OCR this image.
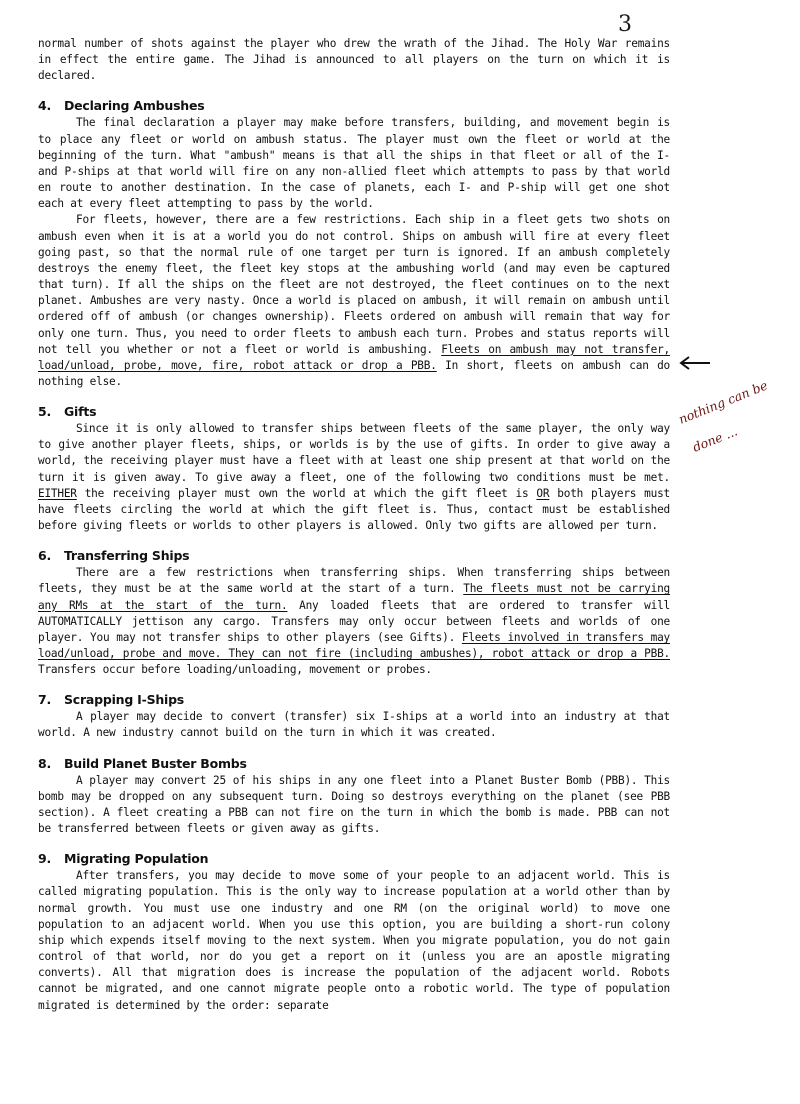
3

normal number of shots against the player who drew the wrath of the Jihad. The Holy War remains in effect the entire game. The Jihad is announced to all players on the turn on which it is declared.

4. Declaring Ambushes

The final declaration a player may make before transfers, building, and movement begin is to place any fleet or world on ambush status. The player must own the fleet or world at the beginning of the turn. What "ambush" means is that all the ships in that fleet or all of the I- and P-ships at that world will fire on any non-allied fleet which attempts to pass by that world en route to another destination. In the case of planets, each I- and P-ship will get one shot each at every fleet attempting to pass by the world.

For fleets, however, there are a few restrictions. Each ship in a fleet gets two shots on ambush even when it is at a world you do not control. Ships on ambush will fire at every fleet going past, so that the normal rule of one target per turn is ignored. If an ambush completely destroys the enemy fleet, the fleet key stops at the ambushing world (and may even be captured that turn). If all the ships on the fleet are not destroyed, the fleet continues on to the next planet. Ambushes are very nasty. Once a world is placed on ambush, it will remain on ambush until ordered off of ambush (or changes ownership). Fleets ordered on ambush will remain that way for only one turn. Thus, you need to order fleets to ambush each turn. Probes and status reports will not tell you whether or not a fleet or world is ambushing. Fleets on ambush may not transfer, load/unload, probe, move, fire, robot attack or drop a PBB. In short, fleets on ambush can do nothing else.

5. Gifts

Since it is only allowed to transfer ships between fleets of the same player, the only way to give another player fleets, ships, or worlds is by the use of gifts. In order to give away a world, the receiving player must have a fleet with at least one ship present at that world on the turn it is given away. To give away a fleet, one of the following two conditions must be met. EITHER the receiving player must own the world at which the gift fleet is OR both players must have fleets circling the world at which the gift fleet is. Thus, contact must be established before giving fleets or worlds to other players is allowed. Only two gifts are allowed per turn.

6. Transferring Ships

There are a few restrictions when transferring ships. When transferring ships between fleets, they must be at the same world at the start of a turn. The fleets must not be carrying any RMs at the start of the turn. Any loaded fleets that are ordered to transfer will AUTOMATICALLY jettison any cargo. Transfers may only occur between fleets and worlds of one player. You may not transfer ships to other players (see Gifts). Fleets involved in transfers may load/unload, probe and move. They can not fire (including ambushes), robot attack or drop a PBB. Transfers occur before loading/unloading, movement or probes.

7. Scrapping I-Ships

A player may decide to convert (transfer) six I-ships at a world into an industry at that world. A new industry cannot build on the turn in which it was created.

8. Build Planet Buster Bombs

A player may convert 25 of his ships in any one fleet into a Planet Buster Bomb (PBB). This bomb may be dropped on any subsequent turn. Doing so destroys everything on the planet (see PBB section). A fleet creating a PBB can not fire on the turn in which the bomb is made. PBB can not be transferred between fleets or given away as gifts.

9. Migrating Population

After transfers, you may decide to move some of your people to an adjacent world. This is called migrating population. This is the only way to increase population at a world other than by normal growth. You must use one industry and one RM (on the original world) to move one population to an adjacent world. When you use this option, you are building a short-run colony ship which expends itself moving to the next system. When you migrate population, you do not gain control of that world, nor do you get a report on it (unless you are an apostle migrating converts). All that migration does is increase the population of the adjacent world. Robots cannot be migrated, and one cannot migrate people onto a robotic world. The type of population migrated is determined by the order: separate

nothing can be
done ...
